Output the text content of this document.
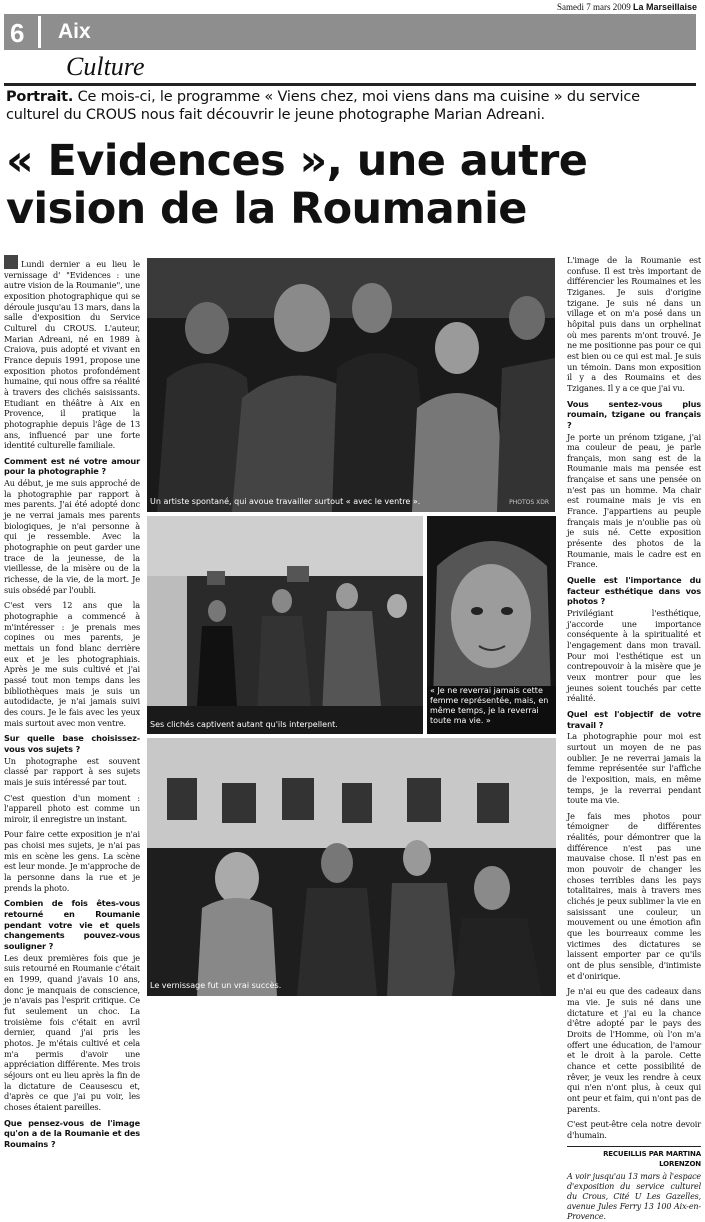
Samedi 7 mars 2009 La Marseillaise
6 Aix
Culture
Portrait. Ce mois-ci, le programme « Viens chez, moi viens dans ma cuisine » du service culturel du CROUS nous fait découvrir le jeune photographe Marian Adreani.
« Evidences », une autre vision de la Roumanie

Lundi dernier a eu lieu le vernissage d' "Evidences : une autre vision de la Roumanie", une exposition photographique qui se déroule jusqu'au 13 mars, dans la salle d'exposition du Service Culturel du CROUS. L'auteur, Marian Adreani, né en 1989 à Craiova, puis adopté et vivant en France depuis 1991, propose une exposition photos profondément humaine, qui nous offre sa réalité à travers des clichés saisissants. Etudiant en théâtre à Aix en Provence, il pratique la photographie depuis l'âge de 13 ans, influencé par une forte identité culturelle familiale.

Comment est né votre amour pour la photographie ?

Au début, je me suis approché de la photographie par rapport à mes parents. J'ai été adopté donc je ne verrai jamais mes parents biologiques, je n'ai personne à qui je ressemble. Avec la photographie on peut garder une trace de la jeunesse, de la vieillesse, de la misère ou de la richesse, de la vie, de la mort. Je suis obsédé par l'oubli.

C'est vers 12 ans que la photographie a commencé à m'intéresser : je prenais mes copines ou mes parents, je mettais un fond blanc derrière eux et je les photographiais. Après je me suis cultivé et j'ai passé tout mon temps dans les bibliothèques mais je suis un autodidacte, je n'ai jamais suivi des cours. Je le fais avec les yeux mais surtout avec mon ventre.

Sur quelle base choisissez-vous vos sujets ?

Un photographe est souvent classé par rapport à ses sujets mais je suis intéressé par tout.

C'est question d'un moment : l'appareil photo est comme un miroir, il enregistre un instant.

Pour faire cette exposition je n'ai pas choisi mes sujets, je n'ai pas mis en scène les gens. La scène est leur monde. Je m'approche de la personne dans la rue et je prends la photo.

Combien de fois êtes-vous retourné en Roumanie pendant votre vie et quels changements pouvez-vous souligner ?

Les deux premières fois que je suis retourné en Roumanie c'était en 1999, quand j'avais 10 ans, donc je manquais de conscience, je n'avais pas l'esprit critique. Ce fut seulement un choc. La troisième fois c'était en avril dernier, quand j'ai pris les photos. Je m'étais cultivé et cela m'a permis d'avoir une appréciation différente. Mes trois séjours ont eu lieu après la fin de la dictature de Ceausescu et, d'après ce que j'ai pu voir, les choses étaient pareilles.

Que pensez-vous de l'image qu'on a de la Roumanie et des Roumains ?

Un artiste spontané, qui avoue travailler surtout « avec le ventre ».	PHOTOS XDR
Ses clichés captivent autant qu'ils interpellent.
« Je ne reverrai jamais cette femme représentée, mais, en même temps, je la reverrai toute ma vie. »
Le vernissage fut un vrai succès.

L'image de la Roumanie est confuse. Il est très important de différencier les Roumaines et les Tziganes. Je suis d'origine tzigane. Je suis né dans un village et on m'a posé dans un hôpital puis dans un orphelinat où mes parents m'ont trouvé. Je ne me positionne pas pour ce qui est bien ou ce qui est mal. Je suis un témoin. Dans mon exposition il y a des Roumains et des Tziganes. Il y a ce que j'ai vu.

Vous sentez-vous plus roumain, tzigane ou français ?

Je porte un prénom tzigane, j'ai ma couleur de peau, je parle français, mon sang est de la Roumanie mais ma pensée est française et sans une pensée on n'est pas un homme. Ma chair est roumaine mais je vis en France. J'appartiens au peuple français mais je n'oublie pas où je suis né. Cette exposition présente des photos de la Roumanie, mais le cadre est en France.

Quelle est l'importance du facteur esthétique dans vos photos ?

Privilégiant l'esthétique, j'accorde une importance conséquente à la spiritualité et l'engagement dans mon travail. Pour moi l'esthétique est un contrepouvoir à la misère que je veux montrer pour que les jeunes soient touchés par cette réalité.

Quel est l'objectif de votre travail ?

La photographie pour moi est surtout un moyen de ne pas oublier. Je ne reverrai jamais la femme représentée sur l'affiche de l'exposition, mais, en même temps, je la reverrai pendant toute ma vie.

Je fais mes photos pour témoigner de différentes réalités, pour démontrer que la différence n'est pas une mauvaise chose. Il n'est pas en mon pouvoir de changer les choses terribles dans les pays totalitaires, mais à travers mes clichés je peux sublimer la vie en saisissant une couleur, un mouvement ou une émotion afin que les bourreaux comme les victimes des dictatures se laissent emporter par ce qu'ils ont de plus sensible, d'intimiste et d'onirique.

Je n'ai eu que des cadeaux dans ma vie. Je suis né dans une dictature et j'ai eu la chance d'être adopté par le pays des Droits de l'Homme, où l'on m'a offert une éducation, de l'amour et le droit à la parole. Cette chance et cette possibilité de rêver, je veux les rendre à ceux qui n'en n'ont plus, à ceux qui ont peur et faim, qui n'ont pas de parents.

C'est peut-être cela notre devoir d'humain.

RECUEILLIS PAR MARTINA LORENZON

A voir jusqu'au 13 mars à l'espace d'exposition du service culturel du Crous, Cité U Les Gazelles, avenue Jules Ferry 13 100 Aix-en-Provence.
